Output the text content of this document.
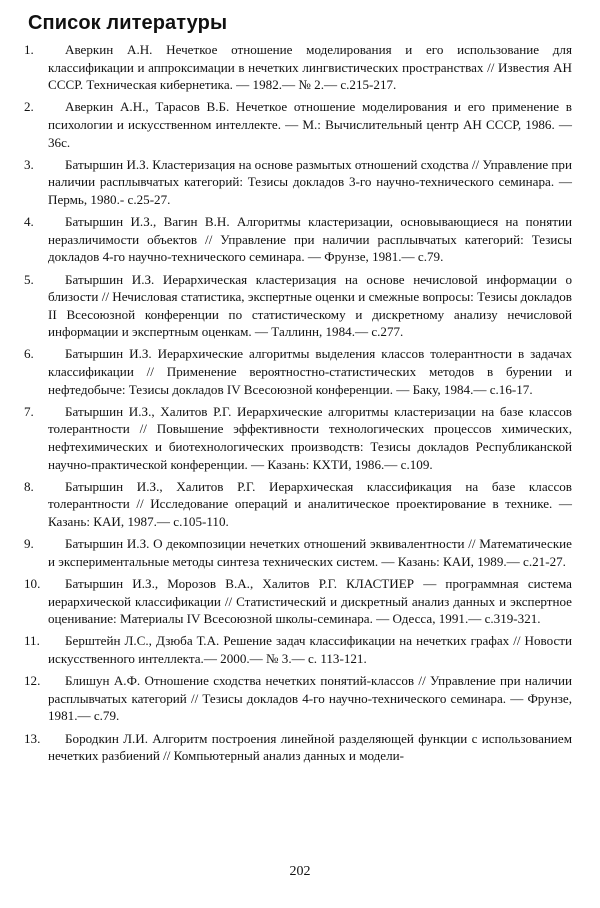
Список литературы
1.	Аверкин А.Н. Нечеткое отношение моделирования и его использование для классификации и аппроксимации в нечетких лингвистических пространствах // Известия АН СССР. Техническая кибернетика. — 1982.— № 2.— с.215-217.
2.	Аверкин А.Н., Тарасов В.Б. Нечеткое отношение моделирования и его применение в психологии и искусственном интеллекте. — М.: Вычислительный центр АН СССР, 1986. —36с.
3.	Батыршин И.З. Кластеризация на основе размытых отношений сходства // Управление при наличии расплывчатых категорий: Тезисы докладов 3-го научно-технического семинара. — Пермь, 1980.- с.25-27.
4.	Батыршин И.З., Вагин В.Н. Алгоритмы кластеризации, основывающиеся на понятии неразличимости объектов // Управление при наличии расплывчатых категорий: Тезисы докладов 4-го научно-технического семинара. — Фрунзе, 1981.— с.79.
5.	Батыршин И.З. Иерархическая кластеризация на основе нечисловой информации о близости // Нечисловая статистика, экспертные оценки и смежные вопросы: Тезисы докладов II Всесоюзной конференции по статистическому и дискретному анализу нечисловой информации и экспертным оценкам. — Таллинн, 1984.— с.277.
6.	Батыршин И.З. Иерархические алгоритмы выделения классов толерантности в задачах классификации // Применение вероятностно-статистических методов в бурении и нефтедобыче: Тезисы докладов IV Всесоюзной конференции. — Баку, 1984.— с.16-17.
7.	Батыршин И.З., Халитов Р.Г. Иерархические алгоритмы кластеризации на базе классов толерантности // Повышение эффективности технологических процессов химических, нефтехимических и биотехнологических производств: Тезисы докладов Республиканской научно-практической конференции. — Казань: КХТИ, 1986.— с.109.
8.	Батыршин И.З., Халитов Р.Г. Иерархическая классификация на базе классов толерантности // Исследование операций и аналитическое проектирование в технике. — Казань: КАИ, 1987.— с.105-110.
9.	Батыршин И.З. О декомпозиции нечетких отношений эквивалентности // Математические и экспериментальные методы синтеза технических систем. — Казань: КАИ, 1989.— с.21-27.
10.	Батыршин И.З., Морозов В.А., Халитов Р.Г. КЛАСТИЕР — программная система иерархической классификации // Статистический и дискретный анализ данных и экспертное оценивание: Материалы IV Всесоюзной школы-семинара. — Одесса, 1991.— с.319-321.
11.	Берштейн Л.С., Дзюба Т.А. Решение задач классификации на нечетких графах // Новости искусственного интеллекта.— 2000.— № 3.— с. 113-121.
12.	Блишун А.Ф. Отношение сходства нечетких понятий-классов // Управление при наличии расплывчатых категорий // Тезисы докладов 4-го научно-технического семинара. — Фрунзе, 1981.— с.79.
13.	Бородкин Л.И. Алгоритм построения линейной разделяющей функции с использованием нечетких разбиений // Компьютерный анализ данных и модели-
202
